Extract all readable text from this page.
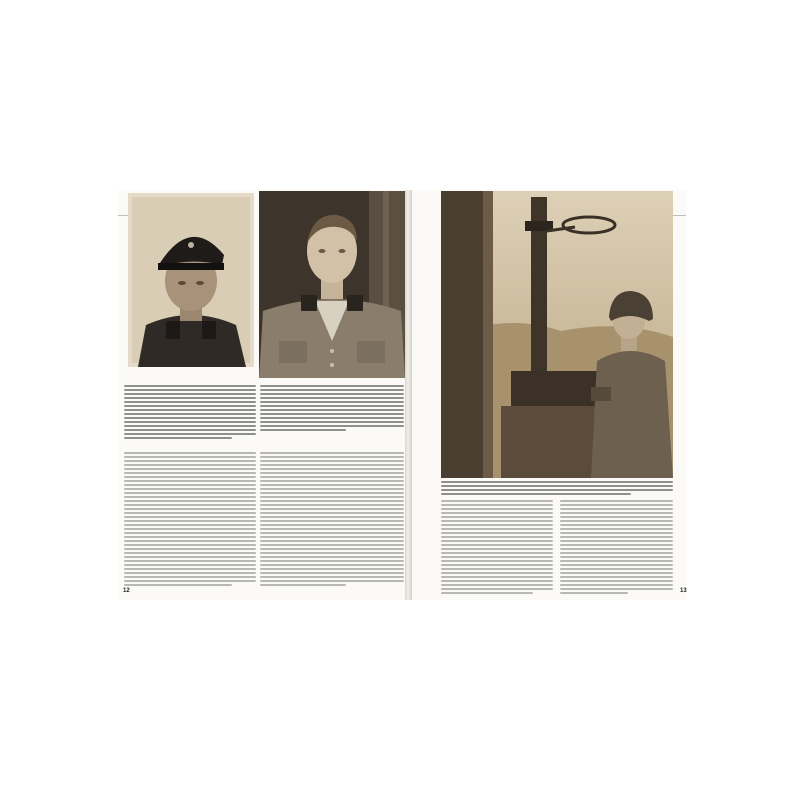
12	13
